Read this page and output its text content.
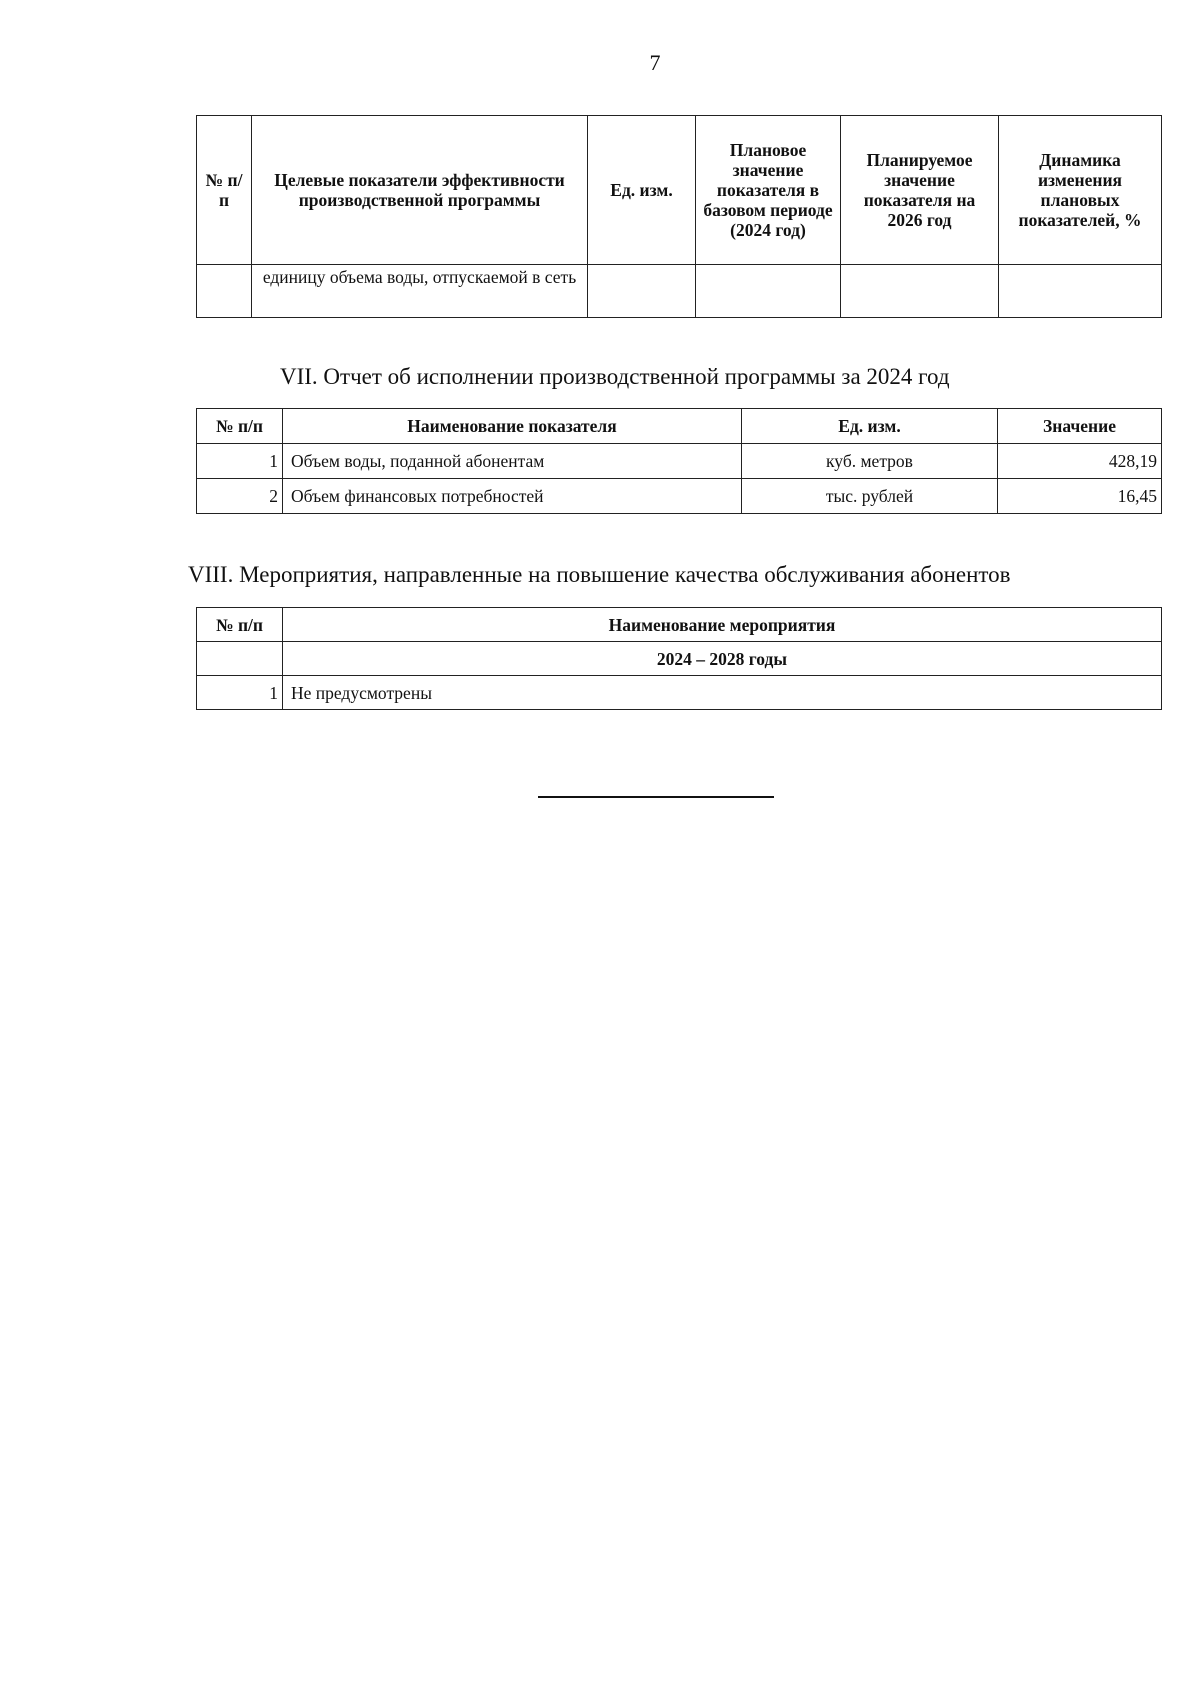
7
№ п/п	Целевые показатели эффективности производственной программы	Ед. изм.	Плановое значение показателя в базовом периоде (2024 год)	Планируемое значение показателя на 2026 год	Динамика изменения плановых показателей, %
	единицу объема воды, отпускаемой в сеть				
VII. Отчет об исполнении производственной программы за 2024 год
№ п/п	Наименование показателя	Ед. изм.	Значение
1	Объем воды, поданной абонентам	куб. метров	428,19
2	Объем финансовых потребностей	тыс. рублей	16,45
VIII. Мероприятия, направленные на повышение качества обслуживания абонентов
№ п/п	Наименование мероприятия
	2024 – 2028 годы
1	Не предусмотрены
